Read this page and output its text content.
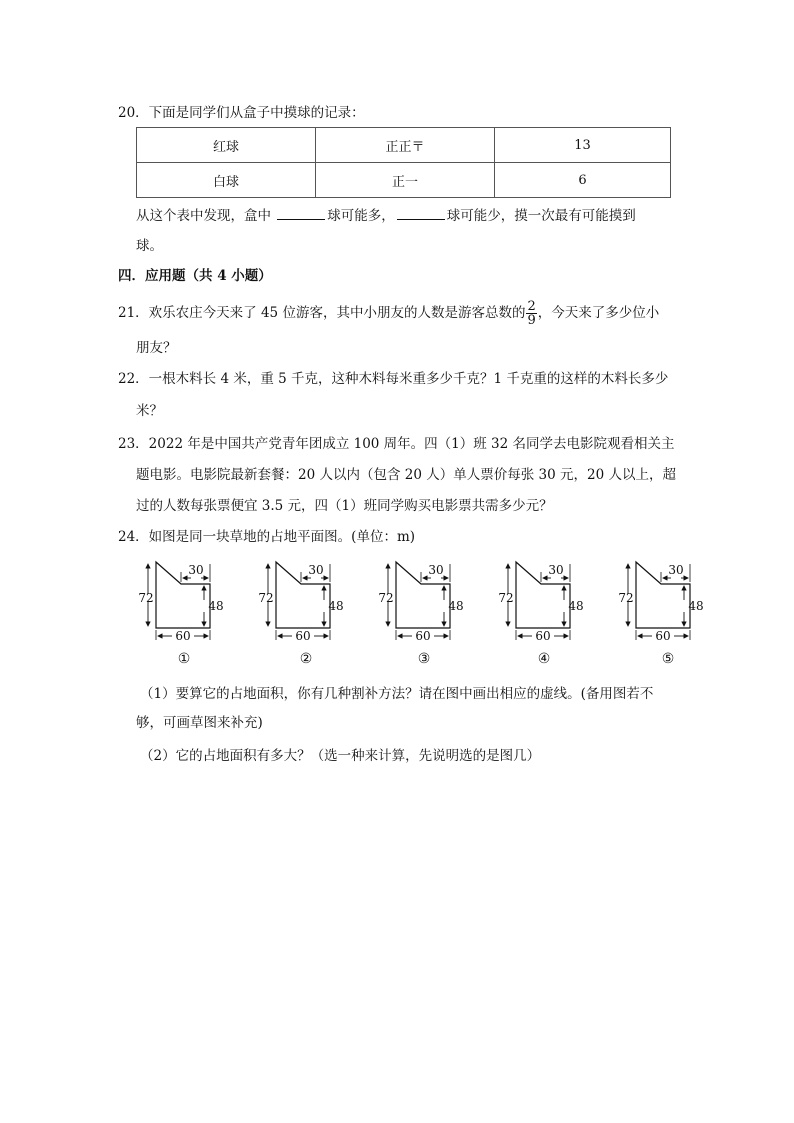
20．下面是同学们从盒子中摸球的记录：
红球	正正〒	13
白球	正一	6
从这个表中发现，盒中	球可能多，	球可能少，摸一次最有可能摸到
球。
四．应用题（共 4 小题）
21．欢乐农庄今天来了 45 位游客，其中小朋友的人数是游客总数的 $\frac{2}{9}$ ，今天来了多少位小
朋友？
22．一根木料长 4 米，重 5 千克，这种木料每米重多少千克？1 千克重的这样的木料长多少
米？
23．2022 年是中国共产党青年团成立 100 周年。四（1）班 32 名同学去电影院观看相关主
题电影。电影院最新套餐：20 人以内（包含 20 人）单人票价每张 30 元，20 人以上，超
过的人数每张票便宜 3.5 元，四（1）班同学购买电影票共需多少元？
24．如图是同一块草地的占地平面图。(单位：m)
30
72
48
60
30
72
48
60
30
72
48
60
30
72
48
60
30
72
48
60
①	②	③	④	⑤
（1）要算它的占地面积，你有几种割补方法？请在图中画出相应的虚线。(备用图若不
够，可画草图来补充)
（2）它的占地面积有多大？（选一种来计算，先说明选的是图几）
